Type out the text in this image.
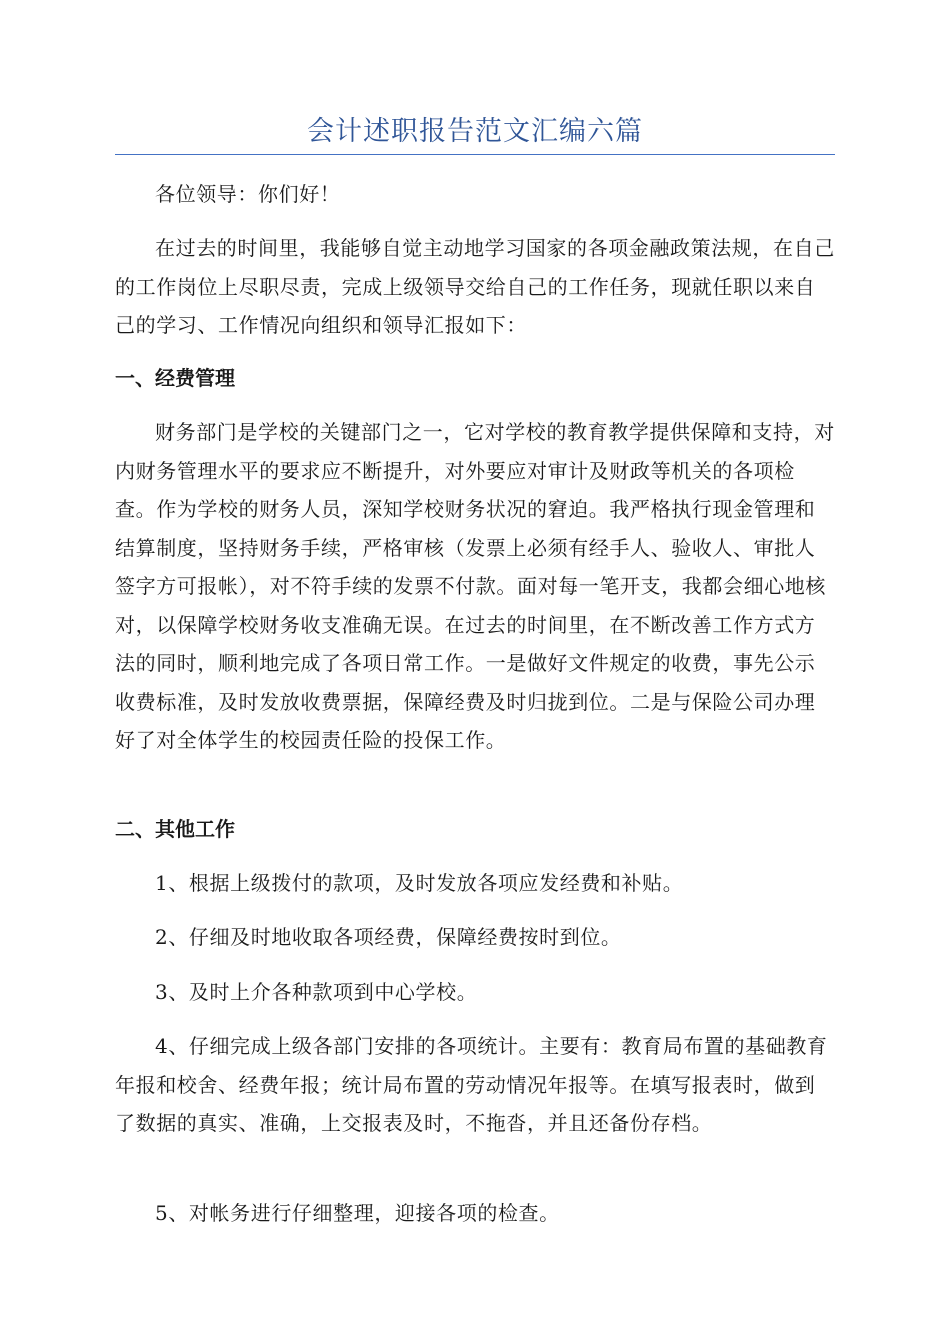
会计述职报告范文汇编六篇
各位领导：你们好！
在过去的时间里，我能够自觉主动地学习国家的各项金融政策法规，在自己的工作岗位上尽职尽责，完成上级领导交给自己的工作任务，现就任职以来自己的学习、工作情况向组织和领导汇报如下：
一、经费管理
财务部门是学校的关键部门之一，它对学校的教育教学提供保障和支持，对内财务管理水平的要求应不断提升，对外要应对审计及财政等机关的各项检查。作为学校的财务人员，深知学校财务状况的窘迫。我严格执行现金管理和结算制度，坚持财务手续，严格审核（发票上必须有经手人、验收人、审批人签字方可报帐），对不符手续的发票不付款。面对每一笔开支，我都会细心地核对，以保障学校财务收支准确无误。在过去的时间里，在不断改善工作方式方法的同时，顺利地完成了各项日常工作。一是做好文件规定的收费，事先公示收费标准，及时发放收费票据，保障经费及时归拢到位。二是与保险公司办理好了对全体学生的校园责任险的投保工作。
二、其他工作
1、根据上级拨付的款项，及时发放各项应发经费和补贴。
2、仔细及时地收取各项经费，保障经费按时到位。
3、及时上介各种款项到中心学校。
4、仔细完成上级各部门安排的各项统计。主要有：教育局布置的基础教育年报和校舍、经费年报；统计局布置的劳动情况年报等。在填写报表时，做到了数据的真实、准确，上交报表及时，不拖沓，并且还备份存档。
5、对帐务进行仔细整理，迎接各项的检查。
